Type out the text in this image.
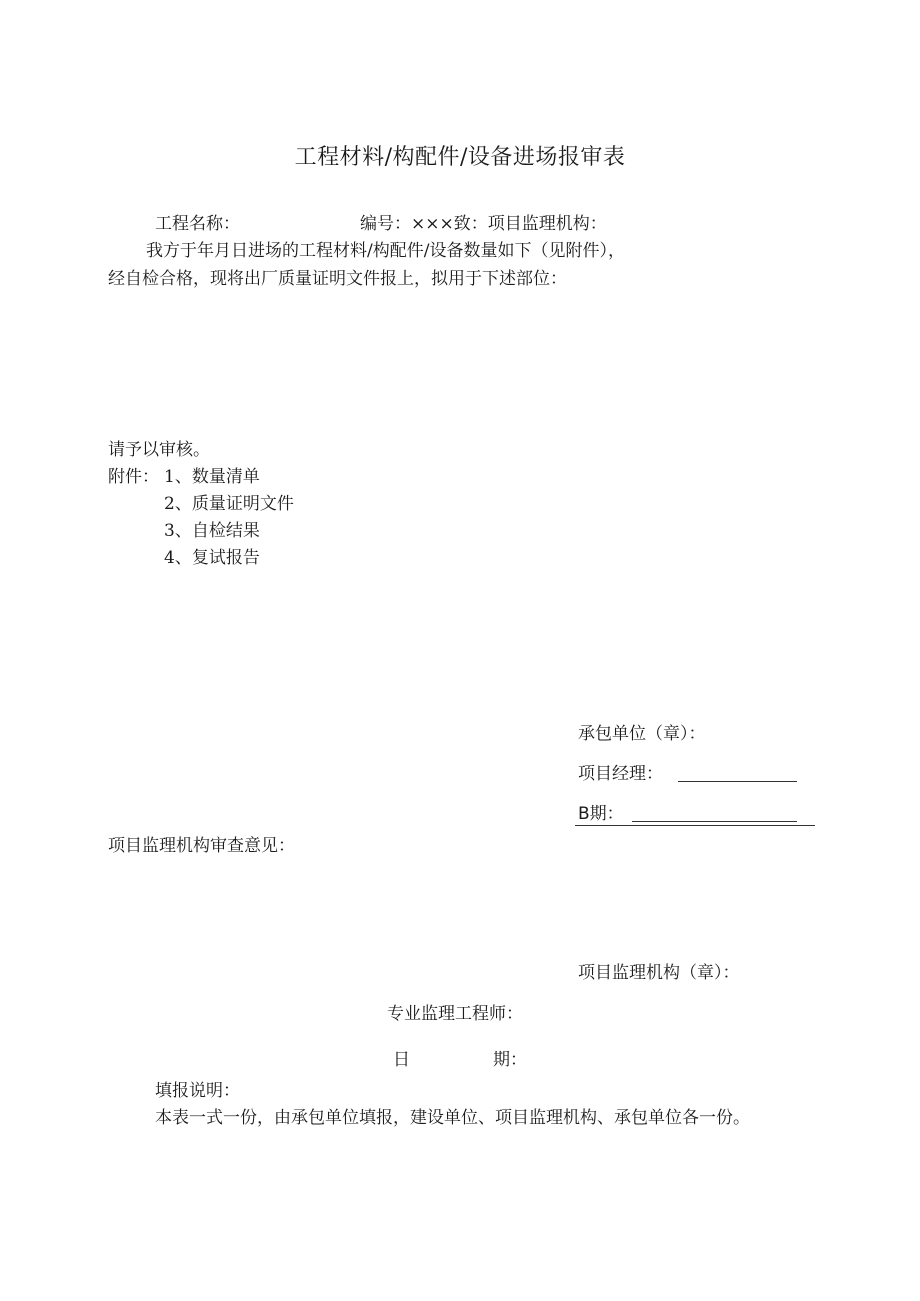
工程材料/构配件/设备进场报审表
工程名称：	编号：×××致：项目监理机构：
我方于年月日进场的工程材料/构配件/设备数量如下（见附件），
经自检合格，现将出厂质量证明文件报上，拟用于下述部位：
请予以审核。
附件： 1、数量清单
2、质量证明文件
3、自检结果
4、复试报告
承包单位（章）：
项目经理：
B期：
项目监理机构审查意见：
项目监理机构（章）：
专业监理工程师：
日	期：
填报说明：
本表一式一份，由承包单位填报，建设单位、项目监理机构、承包单位各一份。
